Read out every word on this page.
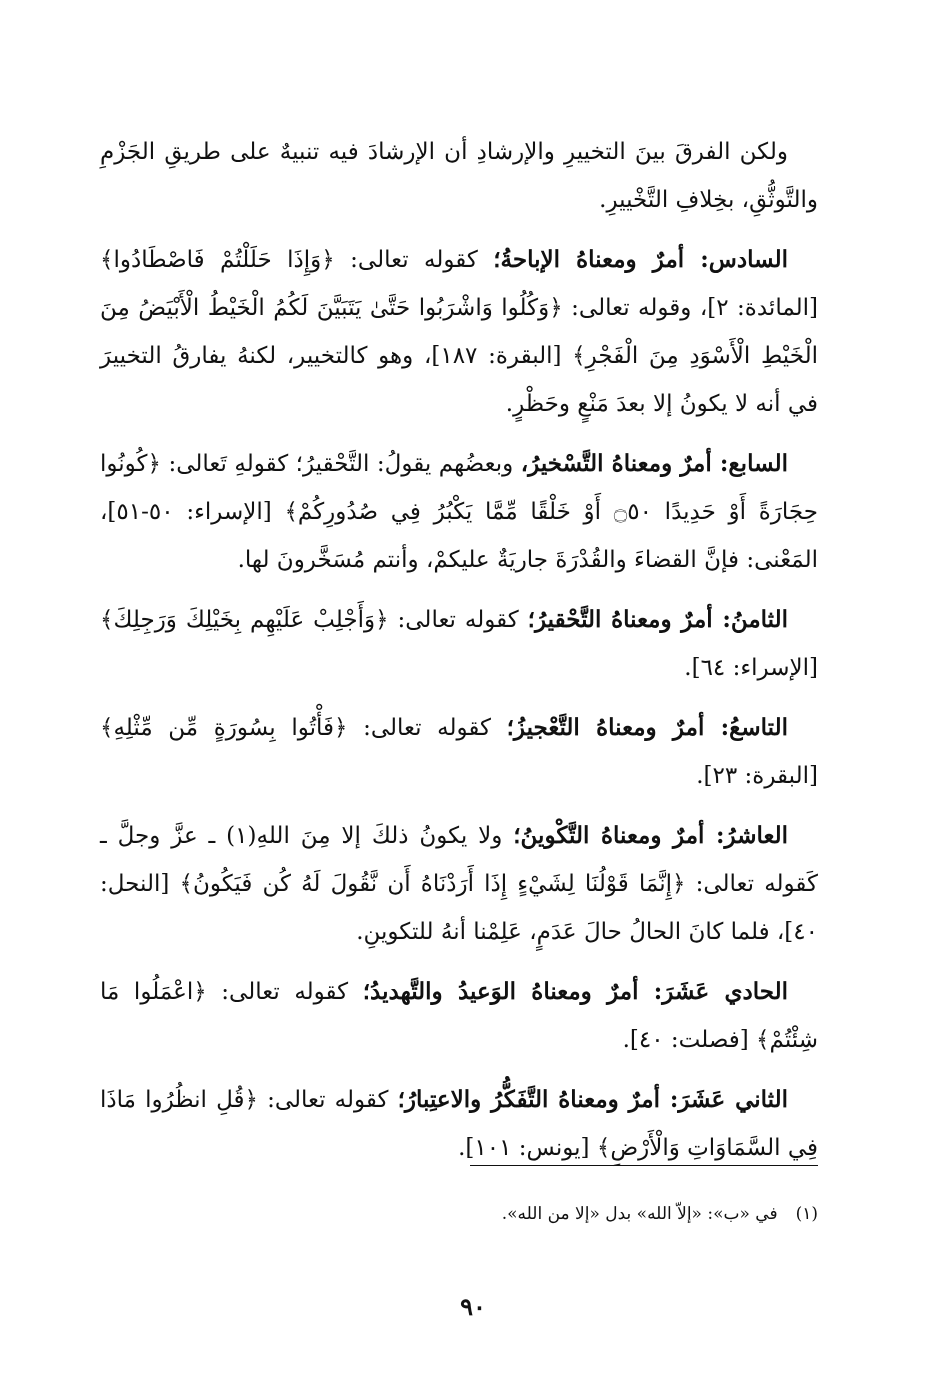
ولكن الفرقَ بينَ التخييرِ والإرشادِ أن الإرشادَ فيه تنبيهٌ على طريقِ الجَزْمِ والتَّوثُّقِ، بخِلافِ التَّخْييرِ.

السادس: أمرٌ ومعناهُ الإباحةُ؛ كقوله تعالى: ﴿وَإِذَا حَلَلْتُمْ فَاصْطَادُوا﴾ [المائدة: ٢]، وقوله تعالى: ﴿وَكُلُوا وَاشْرَبُوا حَتَّىٰ يَتَبَيَّنَ لَكُمُ الْخَيْطُ الْأَبْيَضُ مِنَ الْخَيْطِ الْأَسْوَدِ مِنَ الْفَجْرِ﴾ [البقرة: ١٨٧]، وهو كالتخيير، لكنهُ يفارقُ التخييرَ في أنه لا يكونُ إلا بعدَ مَنْعٍ وحَظْرٍ.

السابع: أمرٌ ومعناهُ التَّسْخيرُ، وبعضُهم يقولُ: التَّحْقيرُ؛ كقولهِ تَعالى: ﴿كُونُوا حِجَارَةً أَوْ حَدِيدًا ۝٥٠ أَوْ خَلْقًا مِّمَّا يَكْبُرُ فِي صُدُورِكُمْ﴾ [الإسراء: ٥٠-٥١]، المَعْنى: فإنَّ القضاءَ والقُدْرَةَ جاريَةٌ عليكمْ، وأنتم مُسَخَّرونَ لها.

الثامنُ: أمرٌ ومعناهُ التَّحْقيرُ؛ كقوله تعالى: ﴿وَأَجْلِبْ عَلَيْهِم بِخَيْلِكَ وَرَجِلِكَ﴾ [الإسراء: ٦٤].

التاسعُ: أمرٌ ومعناهُ التَّعْجيزُ؛ كقوله تعالى: ﴿فَأْتُوا بِسُورَةٍ مِّن مِّثْلِهِ﴾ [البقرة: ٢٣].

العاشرُ: أمرٌ ومعناهُ التَّكْوينُ؛ ولا يكونُ ذلكَ إلا مِنَ اللهِ(١) ـ عزَّ وجلَّ ـ كَقوله تعالى: ﴿إِنَّمَا قَوْلُنَا لِشَيْءٍ إِذَا أَرَدْنَاهُ أَن نَّقُولَ لَهُ كُن فَيَكُونُ﴾ [النحل: ٤٠]، فلما كانَ الحالُ حالَ عَدَمٍ، عَلِمْنا أنهُ للتكوينِ.

الحادي عَشَرَ: أمرٌ ومعناهُ الوَعيدُ والتَّهديدُ؛ كقوله تعالى: ﴿اعْمَلُوا مَا شِئْتُمْ﴾ [فصلت: ٤٠].

الثاني عَشَرَ: أمرٌ ومعناهُ التَّفَكُّرُ والاعتِبارُ؛ كقوله تعالى: ﴿قُلِ انظُرُوا مَاذَا فِي السَّمَاوَاتِ وَالْأَرْضِ﴾ [يونس: ١٠١].

(١)في «ب»: «إلاّ الله» بدل «إلا من الله».
٩٠
